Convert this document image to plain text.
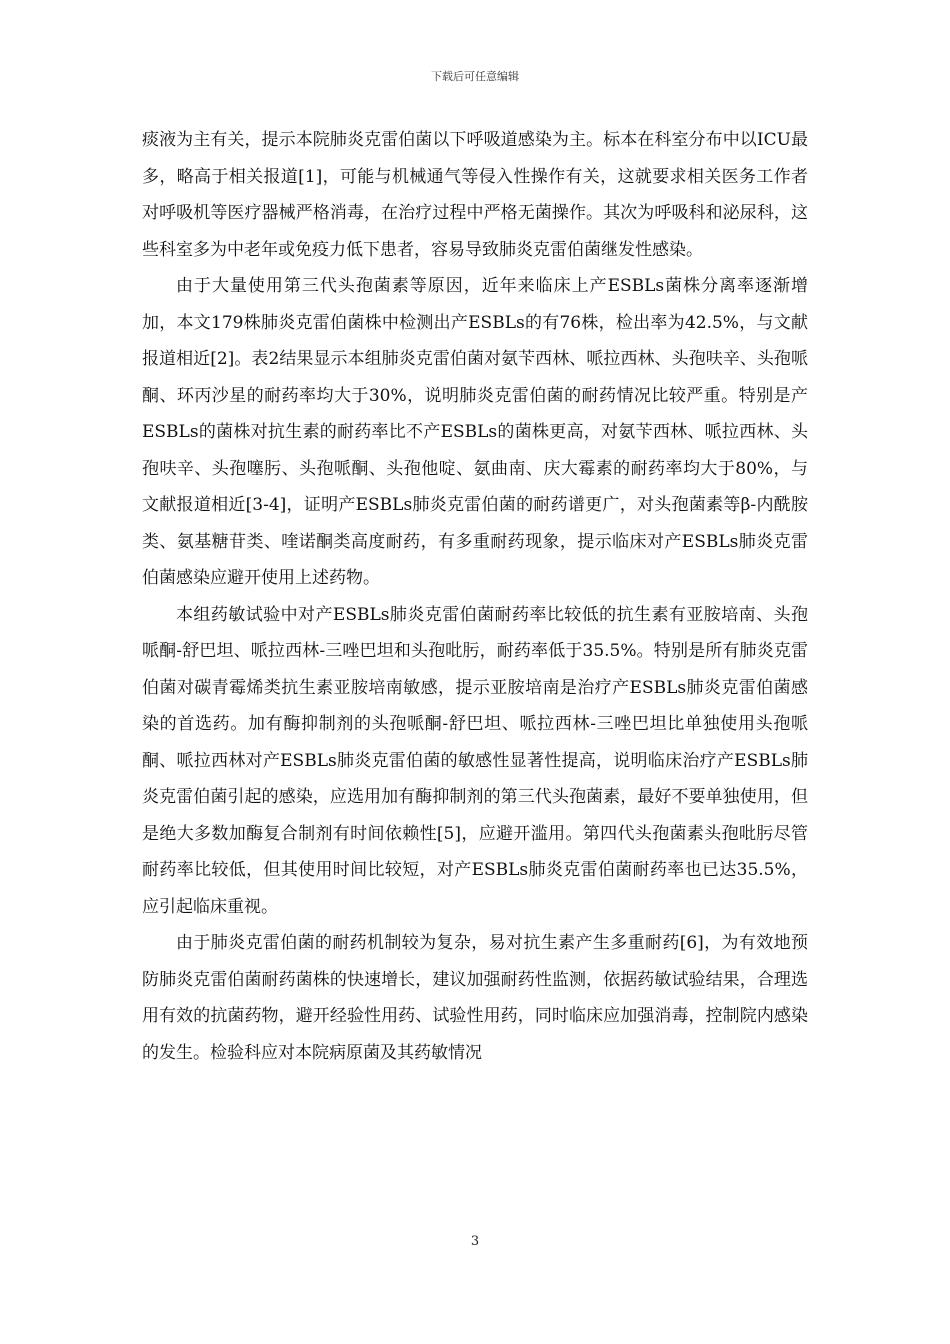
下载后可任意编辑

痰液为主有关，提示本院肺炎克雷伯菌以下呼吸道感染为主。标本在科室分布中以ICU最多，略高于相关报道[1]，可能与机械通气等侵入性操作有关，这就要求相关医务工作者对呼吸机等医疗器械严格消毒，在治疗过程中严格无菌操作。其次为呼吸科和泌尿科，这些科室多为中老年或免疫力低下患者，容易导致肺炎克雷伯菌继发性感染。

由于大量使用第三代头孢菌素等原因，近年来临床上产ESBLs菌株分离率逐渐增加，本文179株肺炎克雷伯菌株中检测出产ESBLs的有76株，检出率为42.5%，与文献报道相近[2]。表2结果显示本组肺炎克雷伯菌对氨苄西林、哌拉西林、头孢呋辛、头孢哌酮、环丙沙星的耐药率均大于30%，说明肺炎克雷伯菌的耐药情况比较严重。特别是产ESBLs的菌株对抗生素的耐药率比不产ESBLs的菌株更高，对氨苄西林、哌拉西林、头孢呋辛、头孢噻肟、头孢哌酮、头孢他啶、氨曲南、庆大霉素的耐药率均大于80%，与文献报道相近[3-4]，证明产ESBLs肺炎克雷伯菌的耐药谱更广，对头孢菌素等β-内酰胺类、氨基糖苷类、喹诺酮类高度耐药，有多重耐药现象，提示临床对产ESBLs肺炎克雷伯菌感染应避开使用上述药物。

本组药敏试验中对产ESBLs肺炎克雷伯菌耐药率比较低的抗生素有亚胺培南、头孢哌酮-舒巴坦、哌拉西林-三唑巴坦和头孢吡肟，耐药率低于35.5%。特别是所有肺炎克雷伯菌对碳青霉烯类抗生素亚胺培南敏感，提示亚胺培南是治疗产ESBLs肺炎克雷伯菌感染的首选药。加有酶抑制剂的头孢哌酮-舒巴坦、哌拉西林-三唑巴坦比单独使用头孢哌酮、哌拉西林对产ESBLs肺炎克雷伯菌的敏感性显著性提高，说明临床治疗产ESBLs肺炎克雷伯菌引起的感染，应选用加有酶抑制剂的第三代头孢菌素，最好不要单独使用，但是绝大多数加酶复合制剂有时间依赖性[5]，应避开滥用。第四代头孢菌素头孢吡肟尽管耐药率比较低，但其使用时间比较短，对产ESBLs肺炎克雷伯菌耐药率也已达35.5%，应引起临床重视。

由于肺炎克雷伯菌的耐药机制较为复杂，易对抗生素产生多重耐药[6]，为有效地预防肺炎克雷伯菌耐药菌株的快速增长，建议加强耐药性监测，依据药敏试验结果，合理选用有效的抗菌药物，避开经验性用药、试验性用药，同时临床应加强消毒，控制院内感染的发生。检验科应对本院病原菌及其药敏情况

3
